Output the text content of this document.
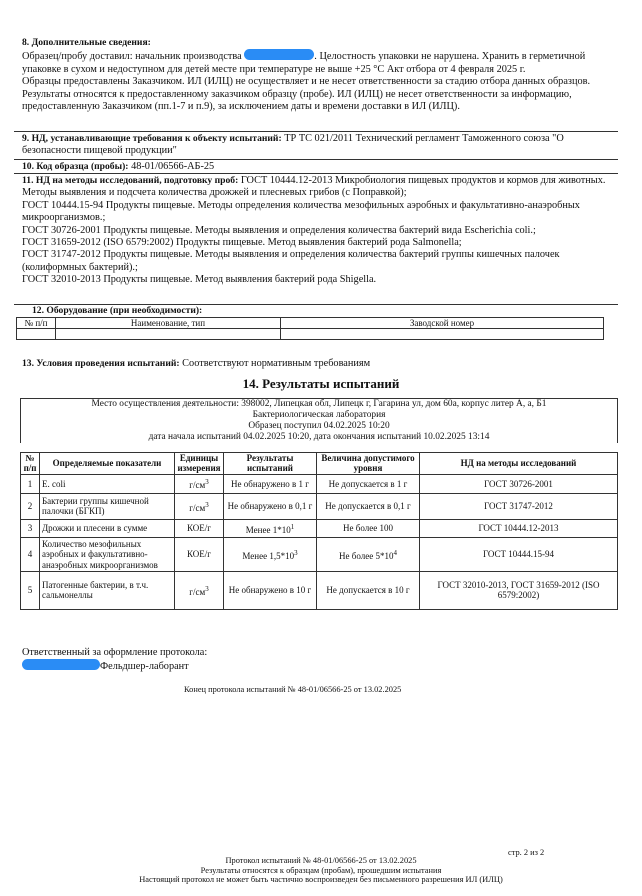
8. Дополнительные сведения:
Образец/пробу доставил: начальник производства	. Целостность упаковки не нарушена. Хранить в герметичной упаковке в сухом и недоступном для детей месте при температуре не выше +25 °С Акт отбора от 4 февраля 2025 г.
Образцы предоставлены Заказчиком. ИЛ (ИЛЦ) не осуществляет и не несет ответственности за стадию отбора данных образцов. Результаты относятся к предоставленному заказчиком образцу (пробе). ИЛ (ИЛЦ) не несет ответственности за информацию, предоставленную Заказчиком (пп.1-7 и п.9), за исключением даты и времени доставки в ИЛ (ИЛЦ).
9. НД, устанавливающие требования к объекту испытаний: ТР ТС 021/2011 Технический регламент Таможенного союза "О безопасности пищевой продукции"
10. Код образца (пробы): 48-01/06566-АБ-25
11. НД на методы исследований, подготовку проб: ГОСТ 10444.12-2013 Микробиология пищевых продуктов и кормов для животных. Методы выявления и подсчета количества дрожжей и плесневых грибов (с Поправкой);
ГОСТ 10444.15-94 Продукты пищевые. Методы определения количества мезофильных аэробных и факультативно-анаэробных микроорганизмов.;
ГОСТ 30726-2001 Продукты пищевые. Методы выявления и определения количества бактерий вида Escherichia coli.;
ГОСТ 31659-2012 (ISO 6579:2002) Продукты пищевые. Метод выявления бактерий рода Salmonella;
ГОСТ 31747-2012 Продукты пищевые. Методы выявления и определения количества бактерий группы кишечных палочек (колиформных бактерий).;
ГОСТ 32010-2013 Продукты пищевые. Метод выявления бактерий рода Shigella.
12. Оборудование (при необходимости):
№ п/п	Наименование, тип	Заводской номер

13. Условия проведения испытаний: Соответствуют нормативным требованиям
14. Результаты испытаний
Место осуществления деятельности: 398002, Липецкая обл, Липецк г, Гагарина ул, дом 60а, корпус литер А, а, Б1
Бактериологическая лаборатория
Образец поступил 04.02.2025 10:20
дата начала испытаний 04.02.2025 10:20, дата окончания испытаний 10.02.2025 13:14
№ п/п	Определяемые показатели	Единицы измерения	Результаты испытаний	Величина допустимого уровня	НД на методы исследований
1	E. coli	$г/см^3$	Не обнаружено в 1 г	Не допускается в 1 г	ГОСТ 30726-2001
2	Бактерии группы кишечной палочки (БГКП)	$г/см^3$	Не обнаружено в 0,1 г	Не допускается в 0,1 г	ГОСТ 31747-2012
3	Дрожжи и плесени в сумме	КОЕ/г	Менее $1*10^1$	Не более 100	ГОСТ 10444.12-2013
4	Количество мезофильных аэробных и факультативно-анаэробных микроорганизмов	КОЕ/г	Менее $1,5*10^3$	Не более $5*10^4$	ГОСТ 10444.15-94
5	Патогенные бактерии, в т.ч. сальмонеллы	$г/см^3$	Не обнаружено в 10 г	Не допускается в 10 г	ГОСТ 32010-2013, ГОСТ 31659-2012 (ISO 6579:2002)
Ответственный за оформление протокола:
Фельдшер-лаборант
Конец протокола испытаний № 48-01/06566-25 от 13.02.2025
стр. 2 из 2
Протокол испытаний № 48-01/06566-25 от 13.02.2025
Результаты относятся к образцам (пробам), прошедшим испытания
Настоящий протокол не может быть частично воспроизведен без письменного разрешения ИЛ (ИЛЦ)
